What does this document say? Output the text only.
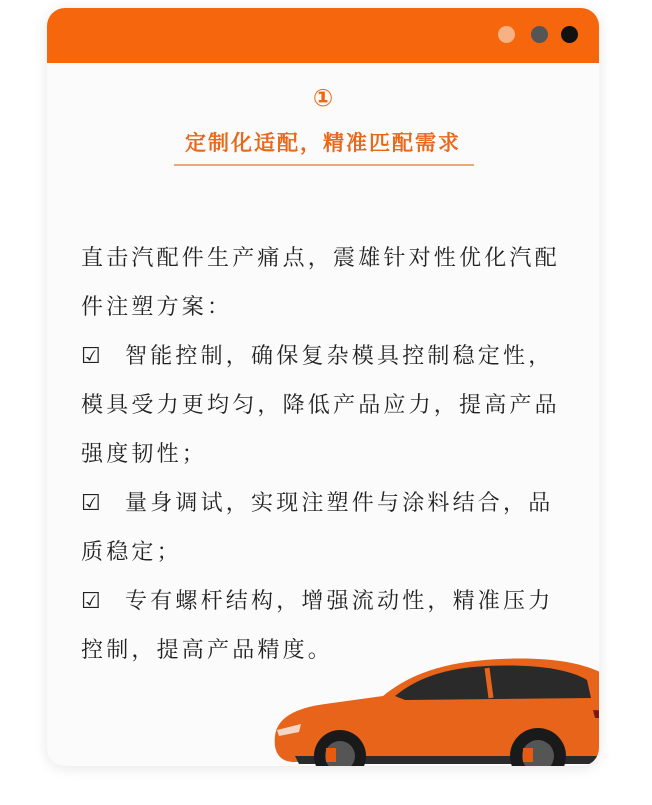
①
定制化适配，精准匹配需求

直击汽配件生产痛点，震雄针对性优化汽配件注塑方案：

☑ 智能控制，确保复杂模具控制稳定性，模具受力更均匀，降低产品应力，提高产品强度韧性；

☑ 量身调试，实现注塑件与涂料结合，品质稳定；

☑ 专有螺杆结构，增强流动性，精准压力控制，提高产品精度。
